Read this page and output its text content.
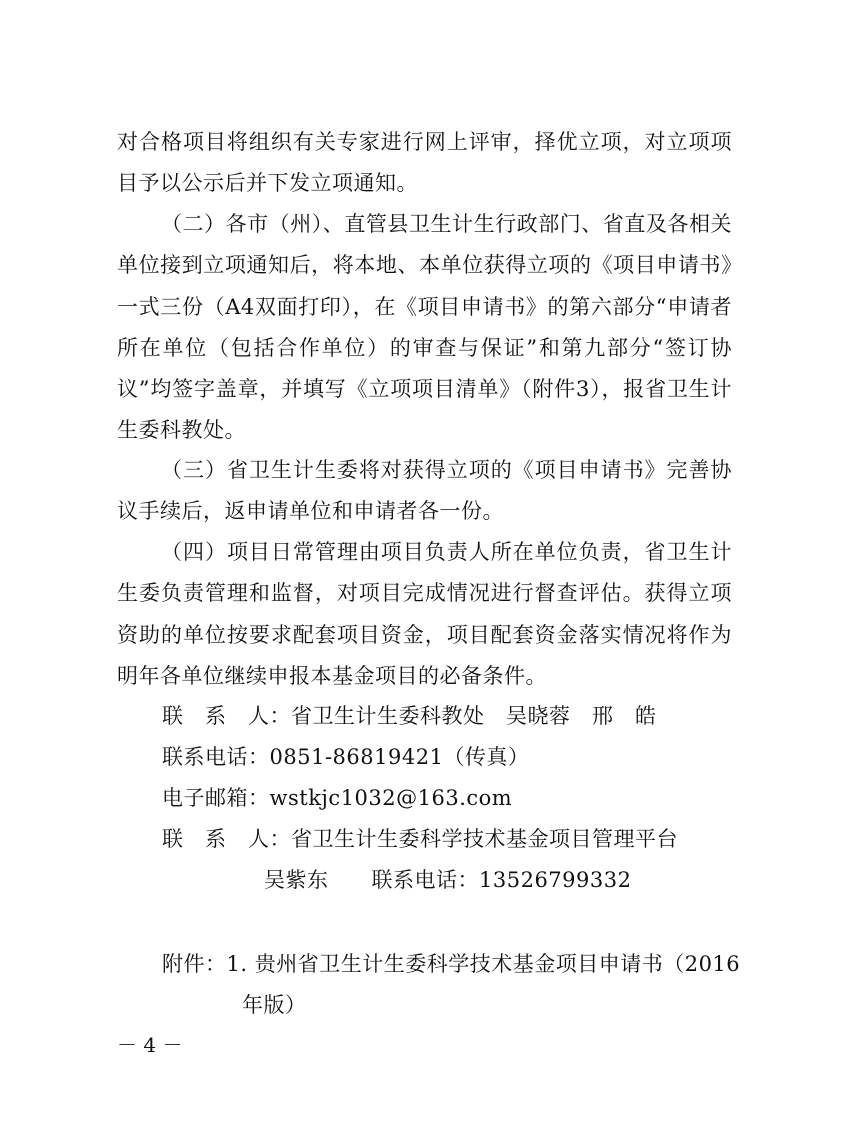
对合格项目将组织有关专家进行网上评审，择优立项，对立项项目予以公示后并下发立项通知。
（二）各市（州）、直管县卫生计生行政部门、省直及各相关单位接到立项通知后，将本地、本单位获得立项的《项目申请书》一式三份（A4双面打印），在《项目申请书》的第六部分“申请者所在单位（包括合作单位）的审查与保证”和第九部分“签订协议”均签字盖章，并填写《立项项目清单》（附件3），报省卫生计生委科教处。
（三）省卫生计生委将对获得立项的《项目申请书》完善协议手续后，返申请单位和申请者各一份。
（四）项目日常管理由项目负责人所在单位负责，省卫生计生委负责管理和监督，对项目完成情况进行督查评估。获得立项资助的单位按要求配套项目资金，项目配套资金落实情况将作为明年各单位继续申报本基金项目的必备条件。
联　系　人：省卫生计生委科教处　吴晓蓉　邢　皓
联系电话：0851-86819421（传真）
电子邮箱：wstkjc1032@163.com
联　系　人：省卫生计生委科学技术基金项目管理平台
吴紫东　　联系电话：13526799332
附件：1. 贵州省卫生计生委科学技术基金项目申请书（2016
年版）
－ 4 －
